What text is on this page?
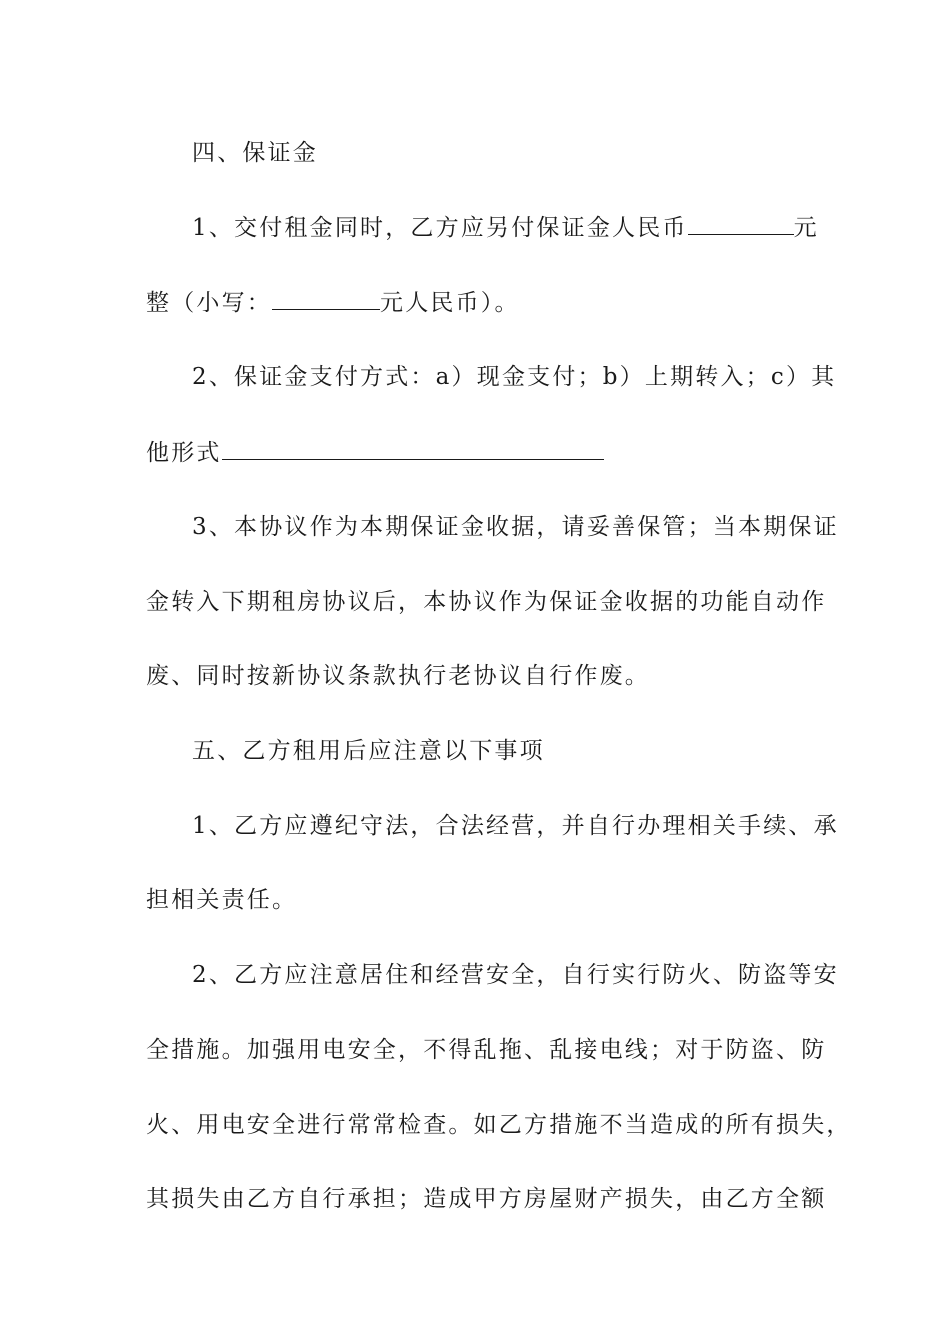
四、保证金
1、交付租金同时，乙方应另付保证金人民币	元
整（小写：	元人民币）。
2、保证金支付方式：a）现金支付；b）上期转入；c）其
他形式
3、本协议作为本期保证金收据，请妥善保管；当本期保证
金转入下期租房协议后，本协议作为保证金收据的功能自动作
废、同时按新协议条款执行老协议自行作废。
五、乙方租用后应注意以下事项
1、乙方应遵纪守法，合法经营，并自行办理相关手续、承
担相关责任。
2、乙方应注意居住和经营安全，自行实行防火、防盗等安
全措施。加强用电安全，不得乱拖、乱接电线；对于防盗、防
火、用电安全进行常常检查。如乙方措施不当造成的所有损失，
其损失由乙方自行承担；造成甲方房屋财产损失，由乙方全额
